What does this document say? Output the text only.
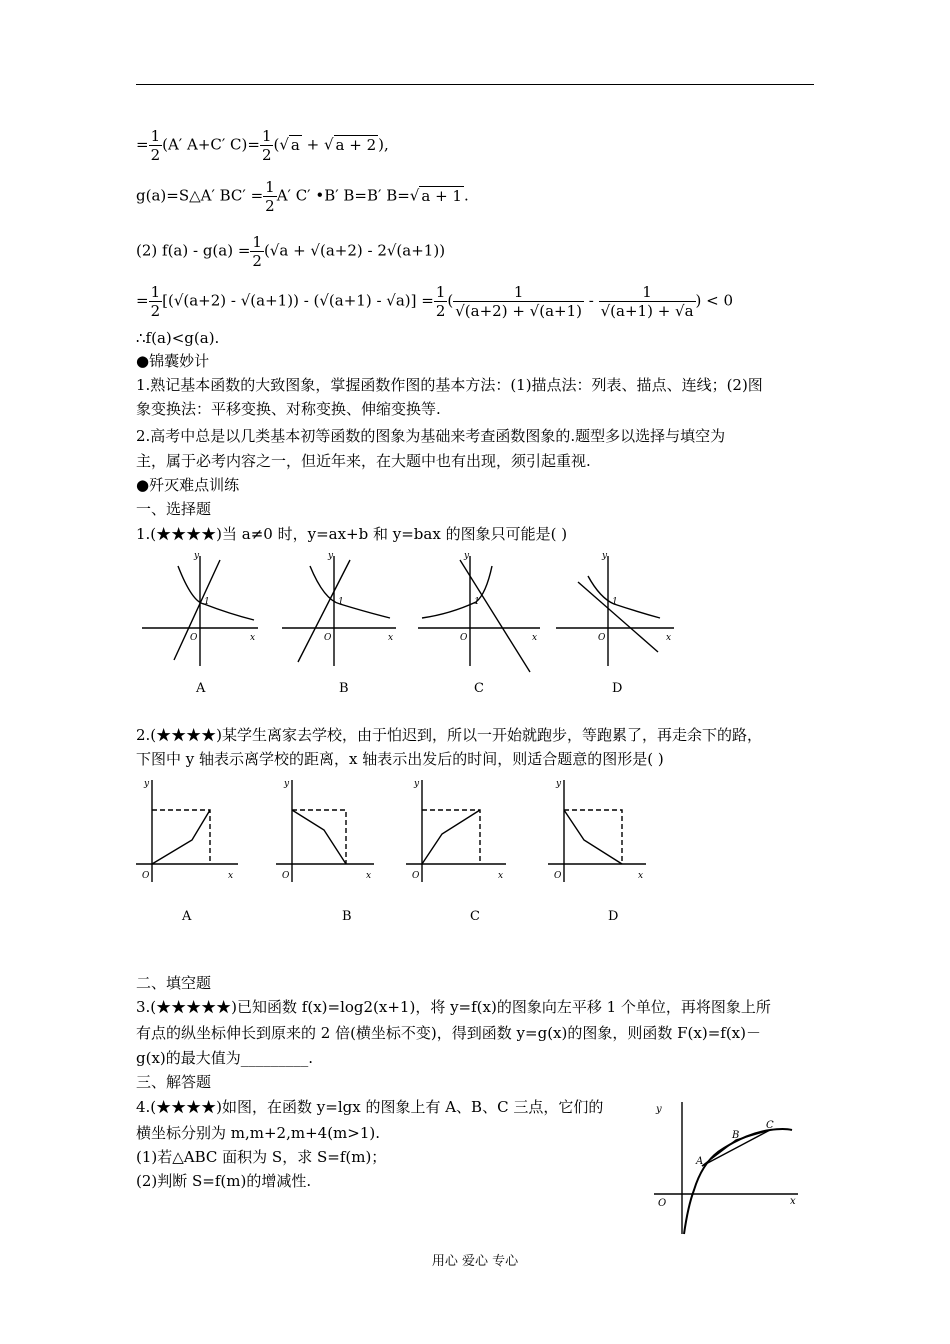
= $\frac{1}{2} (A'$ A+C′ $C)= \frac{1}{2}$ (√ a + √ a + 2 ),
g(a)=S△A′ $BC' = \frac{1}{2} A'$ C′ •B′ B=B′ B=√ a + 1 .
(2) $f(a) - g(a) = \frac{1}{2} (√a + √(a+2) - 2√(a+1))$
= $\frac{1}{2} [(√(a+2) - √(a+1)) - (√(a+1) - √a)] = \frac{1}{2}$ ( $\frac{1}{√(a+2) + √(a+1)} - \frac{1}{√(a+1) + √a}$ ) < 0
∴f(a)<g(a).
●锦囊妙计
1.熟记基本函数的大致图象，掌握函数作图的基本方法：(1)描点法：列表、描点、连线；(2)图
象变换法：平移变换、对称变换、伸缩变换等.
2.高考中总是以几类基本初等函数的图象为基础来考查函数图象的.题型多以选择与填空为
主，属于必考内容之一，但近年来，在大题中也有出现，须引起重视.
●歼灭难点训练
一、选择题
1.(★★★★)当 a≠0 时，y=ax+b 和 y=bax 的图象只可能是( )
y
x
O
1
y
x
O
1
y
x
O
1
y
x
O
1
A	B	C	D
2.(★★★★)某学生离家去学校，由于怕迟到，所以一开始就跑步，等跑累了，再走余下的路，
下图中 y 轴表示离学校的距离，x 轴表示出发后的时间，则适合题意的图形是( )
y
x
O
y
x
O
y
x
O
y
x
O
A	B	C	D
二、填空题
3.(★★★★★)已知函数 f(x)=log2(x+1)，将 y=f(x)的图象向左平移 1 个单位，再将图象上所
有点的纵坐标伸长到原来的 2 倍(横坐标不变)，得到函数 y=g(x)的图象，则函数 F(x)=f(x)－
g(x)的最大值为_________.
三、解答题
4.(★★★★)如图，在函数 y=lgx 的图象上有 A、B、C 三点，它们的
横坐标分别为 m,m+2,m+4(m>1).
(1)若△ABC 面积为 S，求 S=f(m)；
(2)判断 S=f(m)的增减性.
y
x
O
A
B
C
用心 爱心 专心
